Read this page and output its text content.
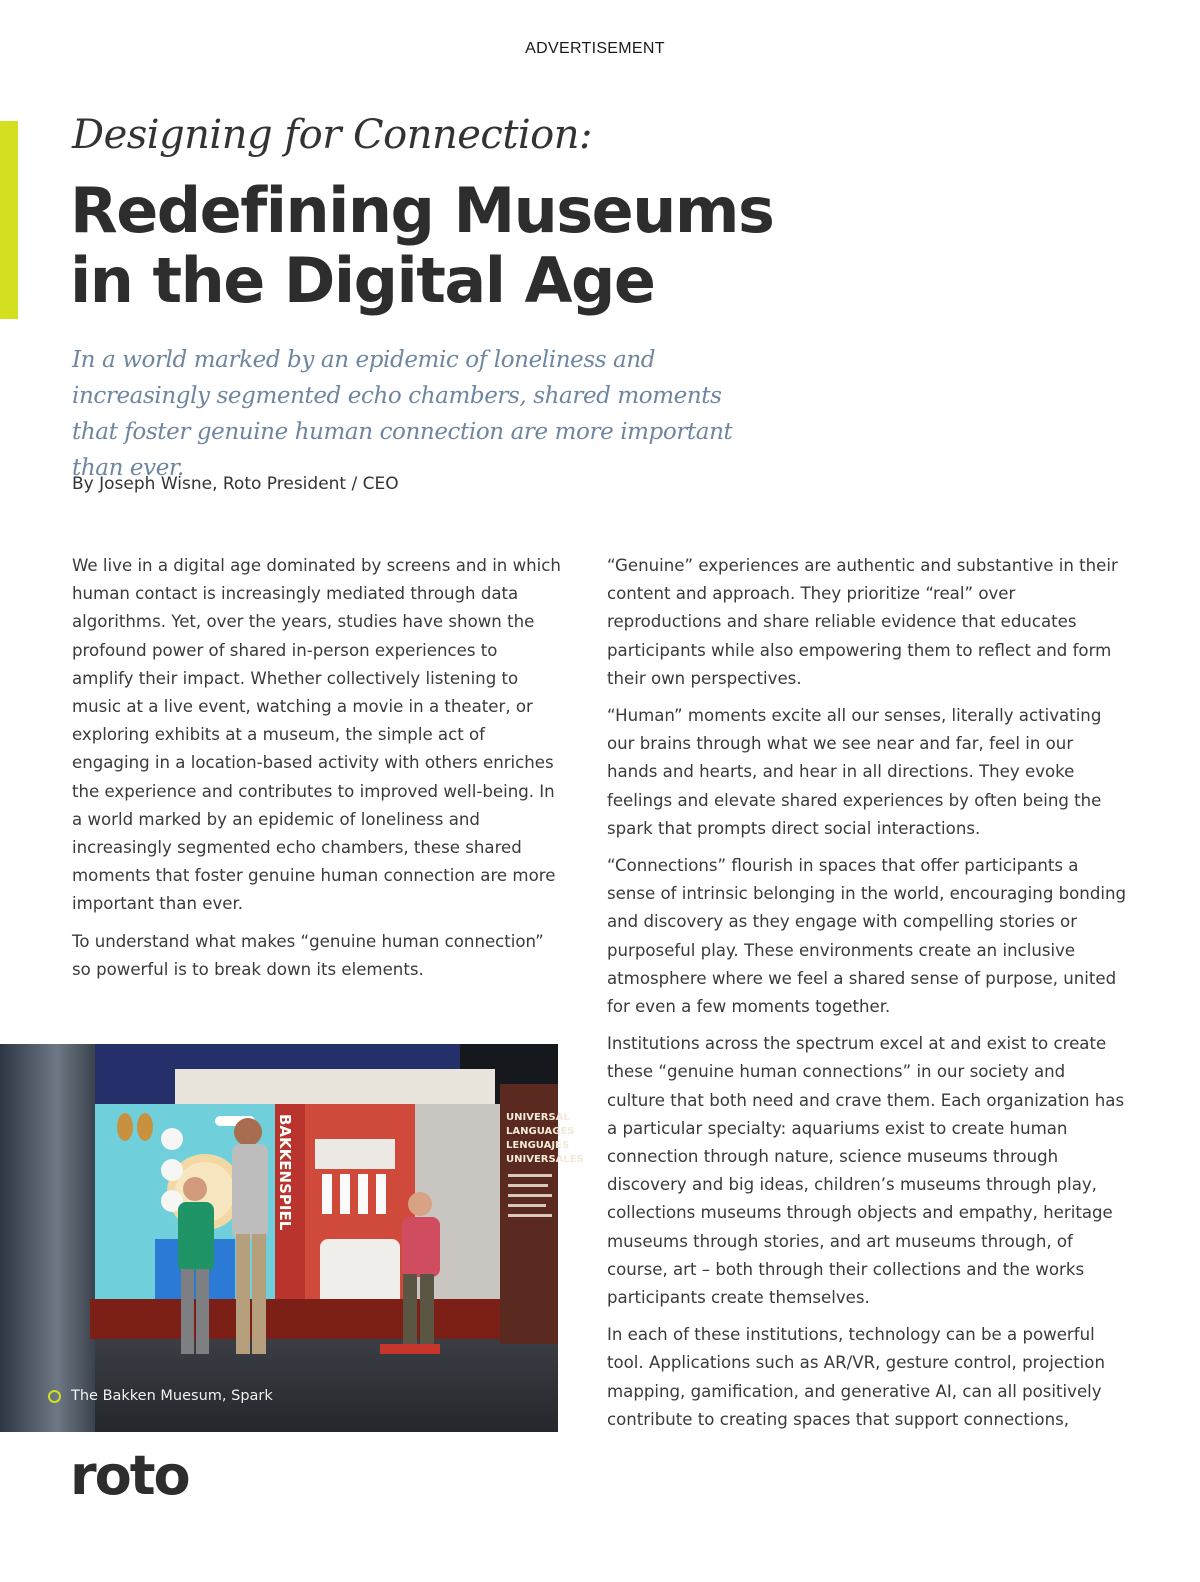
ADVERTISEMENT
Designing for Connection:
Redefining Museums
in the Digital Age

In a world marked by an epidemic of loneliness and increasingly segmented echo chambers, shared moments that foster genuine human connection are more important than ever.

By Joseph Wisne, Roto President / CEO

We live in a digital age dominated by screens and in which human contact is increasingly mediated through data algorithms. Yet, over the years, studies have shown the profound power of shared in-person experiences to amplify their impact. Whether collectively listening to music at a live event, watching a movie in a theater, or exploring exhibits at a museum, the simple act of engaging in a location-based activity with others enriches the experience and contributes to improved well-being. In a world marked by an epidemic of loneliness and increasingly segmented echo chambers, these shared moments that foster genuine human connection are more important than ever.

To understand what makes “genuine human connection” so powerful is to break down its elements.

“Genuine” experiences are authentic and substantive in their content and approach. They prioritize “real” over reproductions and share reliable evidence that educates participants while also empowering them to reflect and form their own perspectives.

“Human” moments excite all our senses, literally activating our brains through what we see near and far, feel in our hands and hearts, and hear in all directions. They evoke feelings and elevate shared experiences by often being the spark that prompts direct social interactions.

“Connections” flourish in spaces that offer participants a sense of intrinsic belonging in the world, encouraging bonding and discovery as they engage with compelling stories or purposeful play. These environments create an inclusive atmosphere where we feel a shared sense of purpose, united for even a few moments together.

Institutions across the spectrum excel at and exist to create these “genuine human connections” in our society and culture that both need and crave them. Each organization has a particular specialty: aquariums exist to create human connection through nature, science museums through discovery and big ideas, children’s museums through play, collections museums through objects and empathy, heritage museums through stories, and art museums through, of course, art – both through their collections and the works participants create themselves.

In each of these institutions, technology can be a powerful tool. Applications such as AR/VR, gesture control, projection mapping, gamification, and generative AI, can all positively contribute to creating spaces that support connections,

BAKKENSPIEL	UNIVERSAL
LANGUAGES
LENGUAJES
UNIVERSALES
The Bakken Muesum, Spark
roto
